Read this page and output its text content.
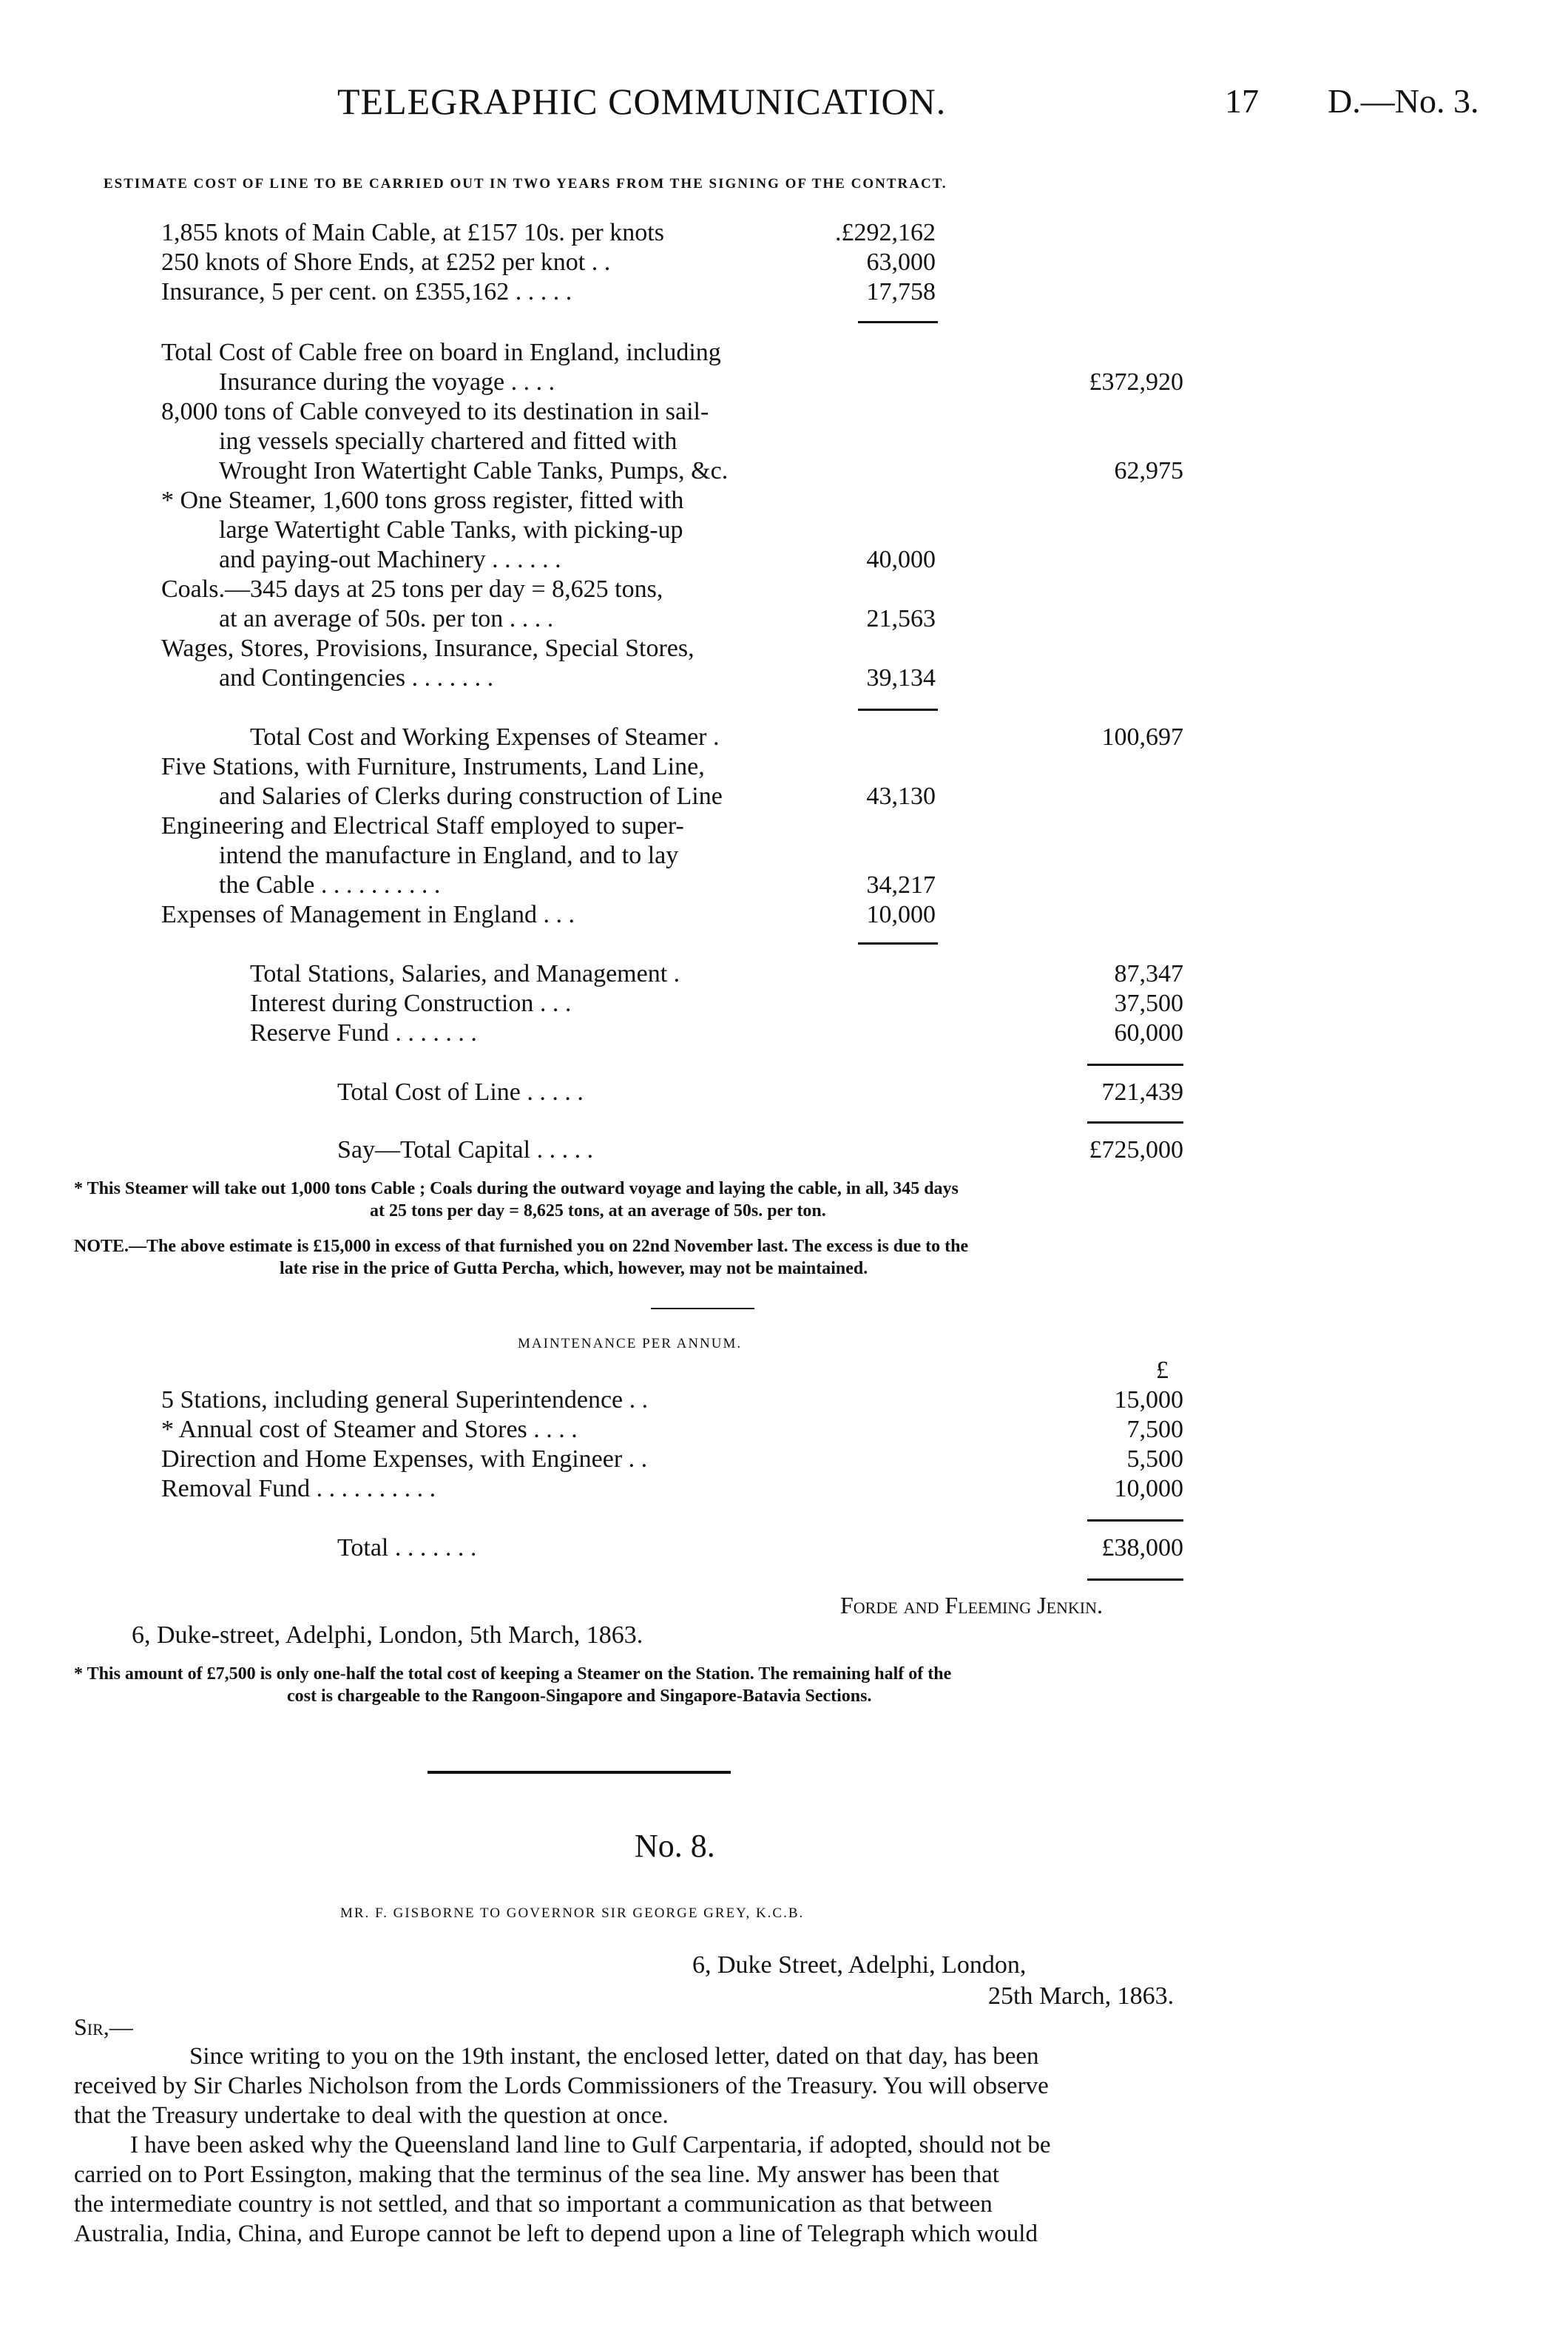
TELEGRAPHIC COMMUNICATION.	17 D.—No. 3.
ESTIMATE COST OF LINE TO BE CARRIED OUT IN TWO YEARS FROM THE SIGNING OF THE CONTRACT.
1,855 knots of Main Cable, at £157 10s. per knots	.£292,162
250 knots of Shore Ends, at £252 per knot . .	63,000
Insurance, 5 per cent. on £355,162 . . . . .	17,758
Total Cost of Cable free on board in England, including
Insurance during the voyage . . . .	£372,920
8,000 tons of Cable conveyed to its destination in sail-
ing vessels specially chartered and fitted with
Wrought Iron Watertight Cable Tanks, Pumps, &c.	62,975
* One Steamer, 1,600 tons gross register, fitted with
large Watertight Cable Tanks, with picking-up
and paying-out Machinery . . . . . .	40,000
Coals.—345 days at 25 tons per day = 8,625 tons,
at an average of 50s. per ton . . . .	21,563
Wages, Stores, Provisions, Insurance, Special Stores,
and Contingencies . . . . . . .	39,134
Total Cost and Working Expenses of Steamer .	100,697
Five Stations, with Furniture, Instruments, Land Line,
and Salaries of Clerks during construction of Line	43,130
Engineering and Electrical Staff employed to super-
intend the manufacture in England, and to lay
the Cable . . . . . . . . . .	34,217
Expenses of Management in England . . .	10,000
Total Stations, Salaries, and Management .	87,347
Interest during Construction . . .	37,500
Reserve Fund . . . . . . .	60,000
Total Cost of Line . . . . .	721,439
Say—Total Capital . . . . .	£725,000
* This Steamer will take out 1,000 tons Cable ; Coals during the outward voyage and laying the cable, in all, 345 days
at 25 tons per day = 8,625 tons, at an average of 50s. per ton.
NOTE.—The above estimate is £15,000 in excess of that furnished you on 22nd November last. The excess is due to the
late rise in the price of Gutta Percha, which, however, may not be maintained.
MAINTENANCE PER ANNUM.
£
5 Stations, including general Superintendence . .	15,000
* Annual cost of Steamer and Stores . . . .	7,500
Direction and Home Expenses, with Engineer . .	5,500
Removal Fund . . . . . . . . . .	10,000
Total . . . . . . .	£38,000
Forde and Fleeming Jenkin.
6, Duke-street, Adelphi, London, 5th March, 1863.
* This amount of £7,500 is only one-half the total cost of keeping a Steamer on the Station. The remaining half of the
cost is chargeable to the Rangoon-Singapore and Singapore-Batavia Sections.
No. 8.
MR. F. GISBORNE TO GOVERNOR SIR GEORGE GREY, K.C.B.
6, Duke Street, Adelphi, London,
25th March, 1863.
Sir,—
Since writing to you on the 19th instant, the enclosed letter, dated on that day, has been
received by Sir Charles Nicholson from the Lords Commissioners of the Treasury. You will observe
that the Treasury undertake to deal with the question at once.
I have been asked why the Queensland land line to Gulf Carpentaria, if adopted, should not be
carried on to Port Essington, making that the terminus of the sea line. My answer has been that
the intermediate country is not settled, and that so important a communication as that between
Australia, India, China, and Europe cannot be left to depend upon a line of Telegraph which would
